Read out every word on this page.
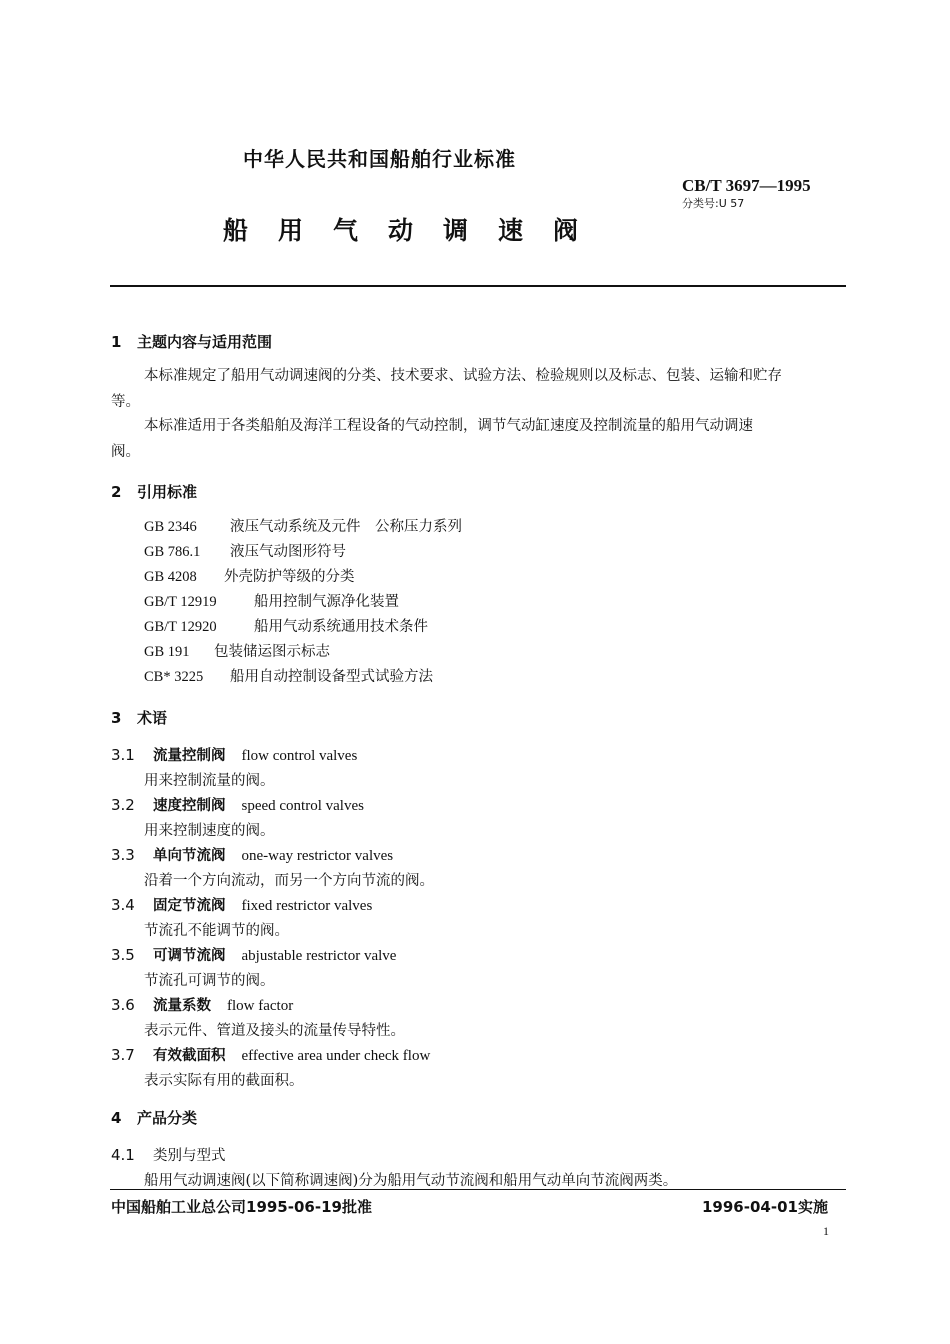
中华人民共和国船舶行业标准
CB/T 3697—1995
分类号:U 57
船用气动调速阀
1 主题内容与适用范围
本标准规定了船用气动调速阀的分类、技术要求、试验方法、检验规则以及标志、包装、运输和贮存
等。
本标准适用于各类船舶及海洋工程设备的气动控制，调节气动缸速度及控制流量的船用气动调速
阀。
2 引用标准
GB 2346 液压气动系统及元件　公称压力系列
GB 786.1 液压气动图形符号
GB 4208 外壳防护等级的分类
GB/T 12919	船用控制气源净化装置
GB/T 12920	船用气动系统通用技术条件
GB 191 包装储运图示标志
CB* 3225 船用自动控制设备型式试验方法
3 术语
3.1 流量控制阀 flow control valves
用来控制流量的阀。
3.2 速度控制阀 speed control valves
用来控制速度的阀。
3.3 单向节流阀 one-way restrictor valves
沿着一个方向流动，而另一个方向节流的阀。
3.4 固定节流阀 fixed restrictor valves
节流孔不能调节的阀。
3.5 可调节流阀 abjustable restrictor valve
节流孔可调节的阀。
3.6 流量系数 flow factor
表示元件、管道及接头的流量传导特性。
3.7 有效截面积 effective area under check flow
表示实际有用的截面积。
4 产品分类
4.1 类别与型式
船用气动调速阀(以下简称调速阀)分为船用气动节流阀和船用气动单向节流阀两类。
中国船舶工业总公司1995-06-19批准	1996-04-01实施
1
